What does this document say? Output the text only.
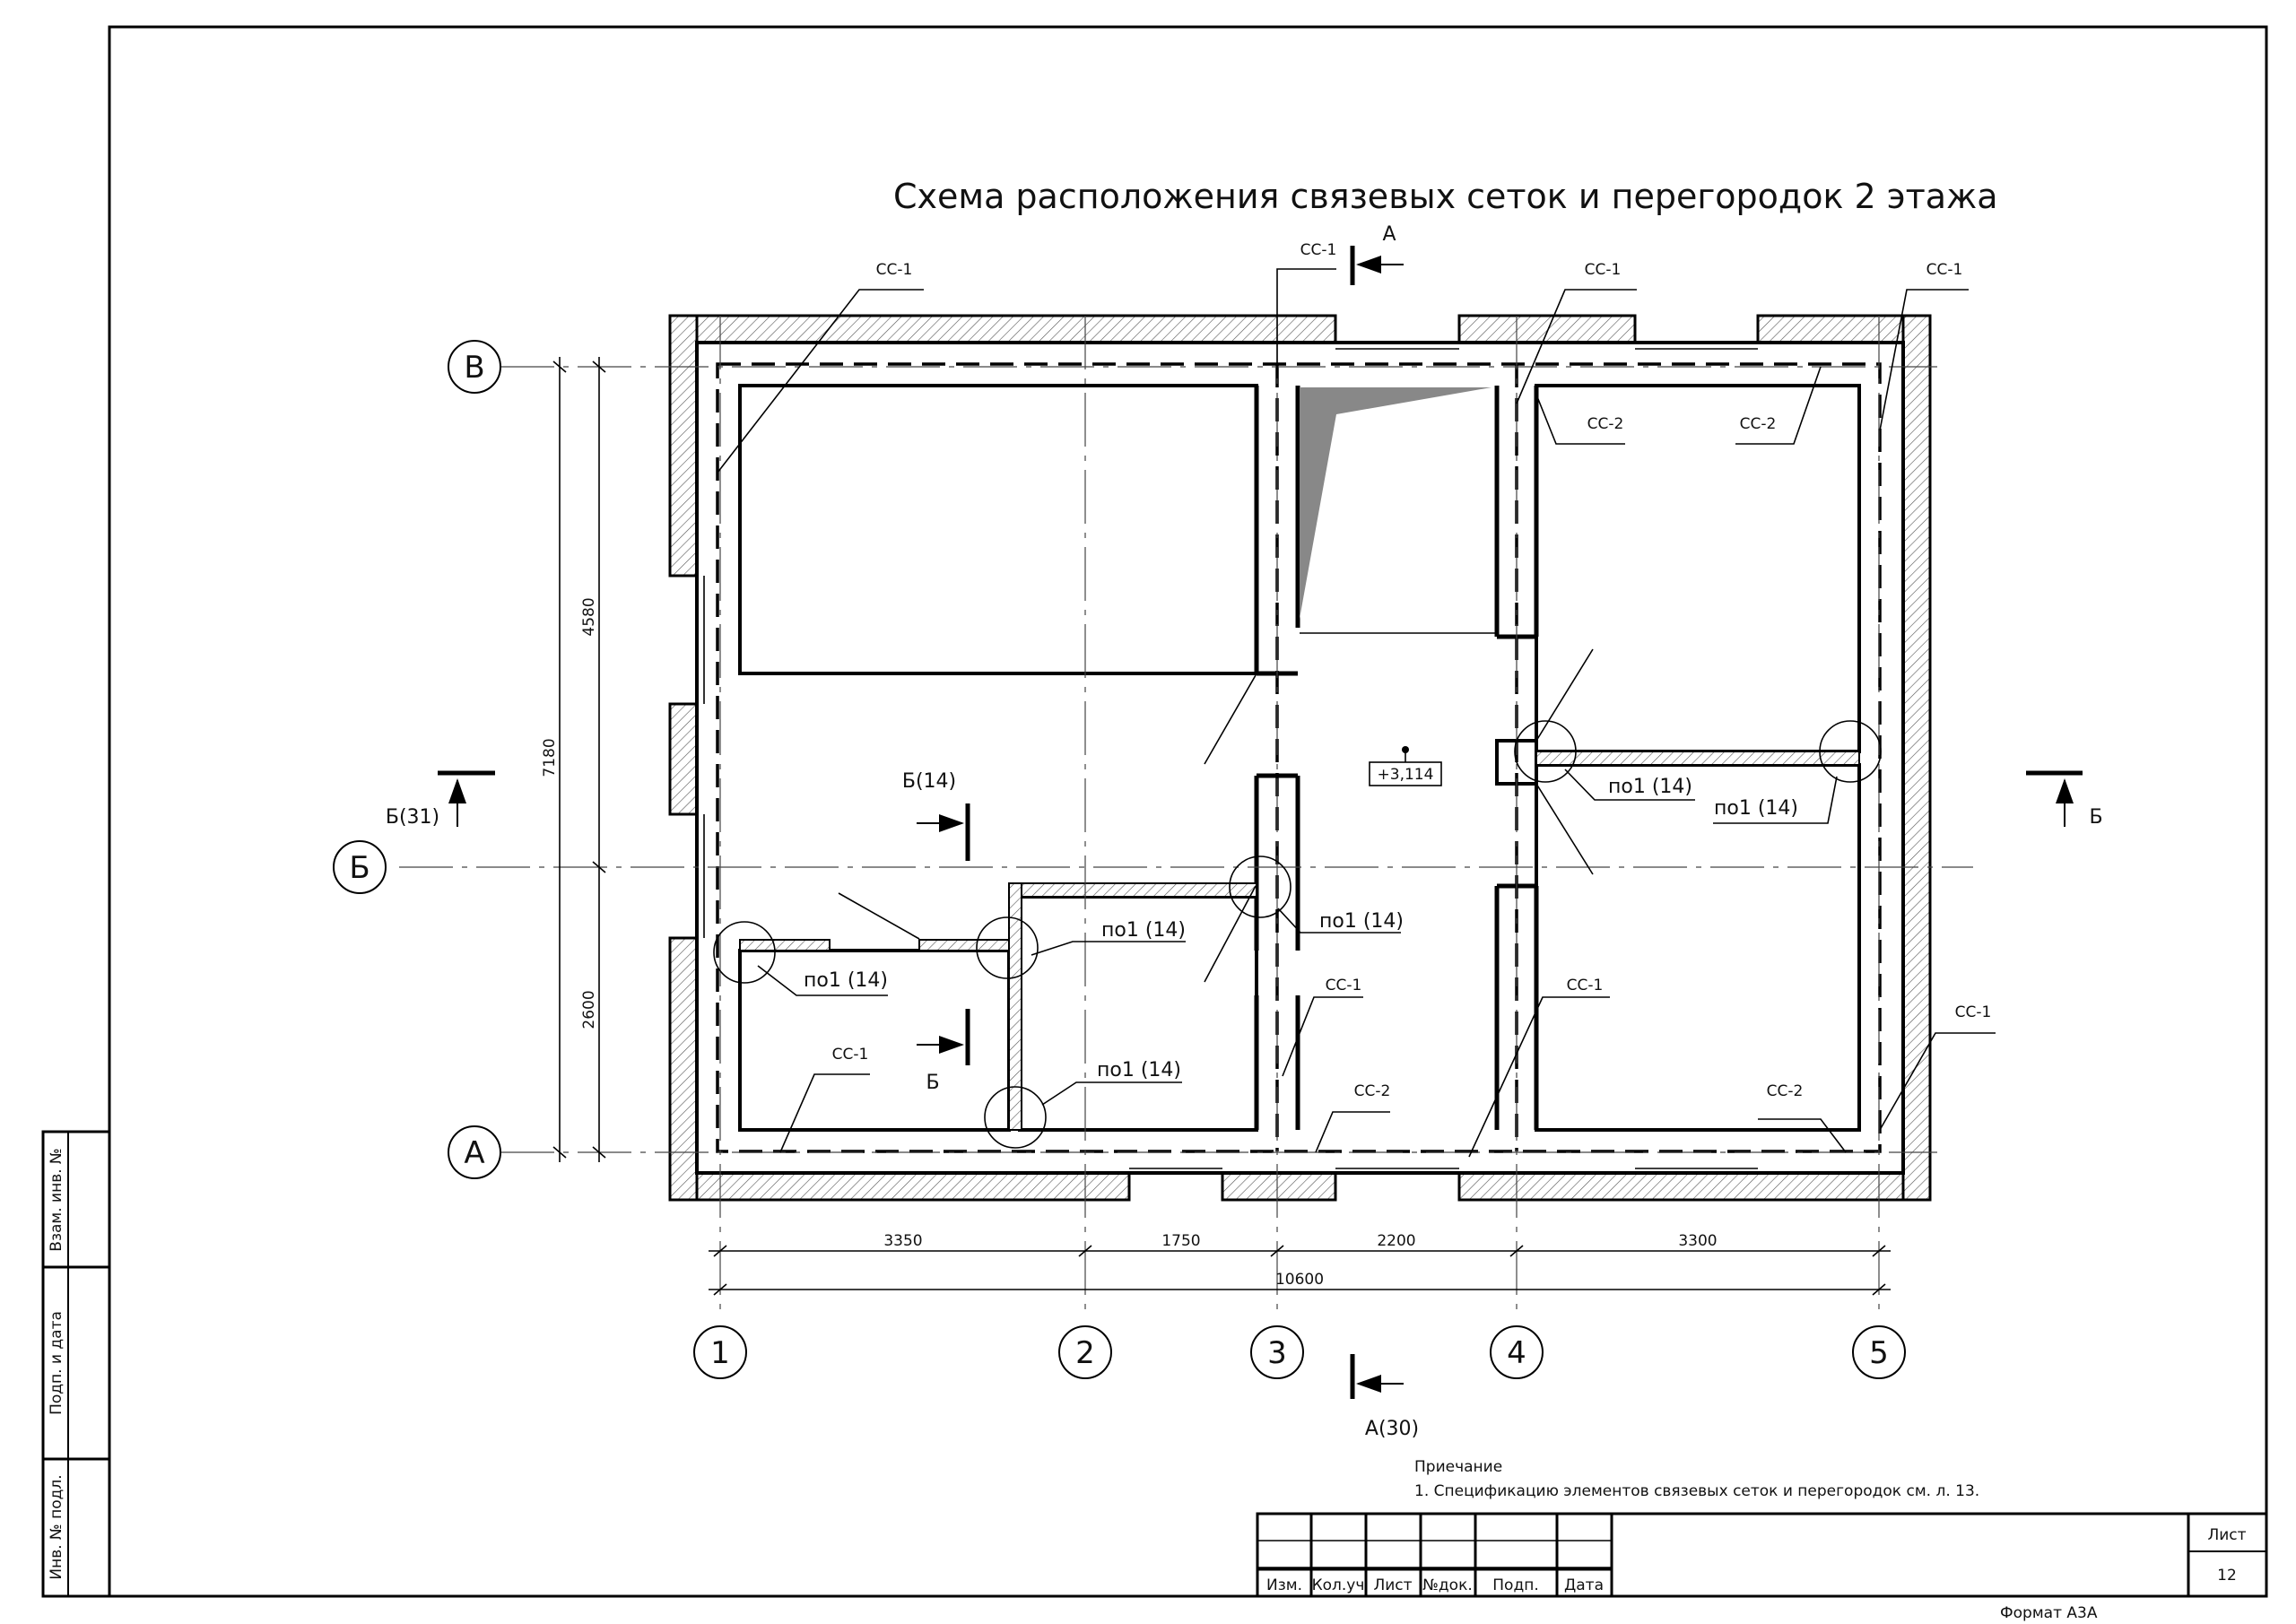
Схема расположения связевых сеток и перегородок 2 этажа
В
Б
А
1	2	3	4	5
3350	1750	2200	3300
10600
4580
2600
7180
А
А(30)
Б(31)	Б
Б(14)
Б
СС-1
СС-1
СС-1	СС-1
СС-2	СС-2
СС-1	СС-1
СС-1
СС-1
СС-2	СС-2
по1 (14)
по1 (14)	по1 (14)
по1 (14)
по1 (14)
по1 (14)
+3,114
Приечание
1. Спецификацию элементов связевых сеток и перегородок см. л. 13.
Изм. Кол.уч Лист №док. Подп. Дата
Лист
12
Формат А3А
Взам. инв. №
Подп. и дата
Инв. № подл.
